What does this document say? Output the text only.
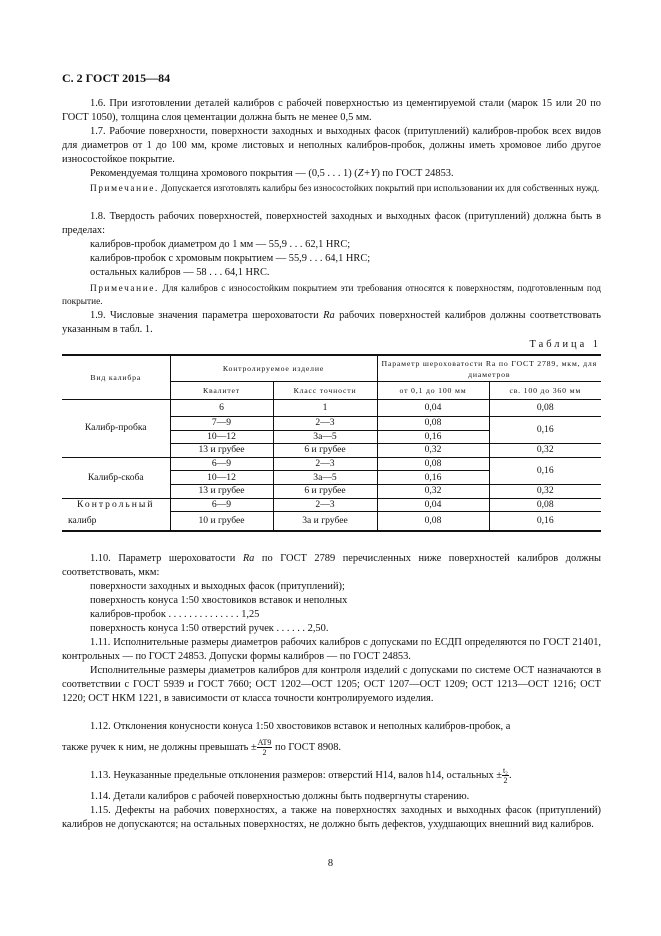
С. 2 ГОСТ 2015—84

1.6. При изготовлении деталей калибров с рабочей поверхностью из цементируемой стали (марок 15 или 20 по ГОСТ 1050), толщина слоя цементации должна быть не менее 0,5 мм.

1.7. Рабочие поверхности, поверхности заходных и выходных фасок (притуплений) калибров-пробок всех видов для диаметров от 1 до 100 мм, кроме листовых и неполных калибров-пробок, должны иметь хромовое либо другое износостойкое покрытие.

Рекомендуемая толщина хромового покрытия — (0,5 . . . 1) (Z+Y) по ГОСТ 24853.

Примечание. Допускается изготовлять калибры без износостойких покрытий при использовании их для собственных нужд.

1.8. Твердость рабочих поверхностей, поверхностей заходных и выходных фасок (притуплений) должна быть в пределах:

калибров-пробок диаметром до 1 мм — 55,9 . . . 62,1 HRC;
калибров-пробок с хромовым покрытием — 55,9 . . . 64,1 HRC;
остальных калибров — 58 . . . 64,1 HRC.

Примечание. Для калибров с износостойким покрытием эти требования относятся к поверхностям, подготовленным под покрытие.

1.9. Числовые значения параметра шероховатости Ra рабочих поверхностей калибров должны соответствовать указанным в табл. 1.

Таблица 1
Вид калибра	Контролируемое изделие		Параметр шероховатости Ra по ГОСТ 2789, мкм, для диаметров	
	Квалитет	Класс точности	от 0,1 до 100 мм	св. 100 до 360 мм
Калибр-пробка	6	1	0,04	0,08
	7—9	2—3	0,08	0,16
	10—12	3а—5	0,16	
	13 и грубее	6 и грубее	0,32	0,32
Калибр-скоба	6—9	2—3	0,08	0,16
	10—12	3а—5	0,16	
	13 и грубее	6 и грубее	0,32	0,32
Контрольный	6—9	2—3	0,04	0,08
калибр	10 и грубее	3а и грубее	0,08	0,16

1.10. Параметр шероховатости Ra по ГОСТ 2789 перечисленных ниже поверхностей калибров должны соответствовать, мкм:

поверхности заходных и выходных фасок (притуплений);
поверхность конуса 1:50 хвостовиков вставок и неполных
калибров-пробок . . . . . . . . . . . . . . 1,25
поверхность конуса 1:50 отверстий ручек . . . . . . 2,50.

1.11. Исполнительные размеры диаметров рабочих калибров с допусками по ЕСДП определяются по ГОСТ 21401, контрольных — по ГОСТ 24853. Допуски формы калибров — по ГОСТ 24853.

Исполнительные размеры диаметров калибров для контроля изделий с допусками по системе ОСТ назначаются в соответствии с ГОСТ 5939 и ГОСТ 7660; ОСТ 1202—ОСТ 1205; ОСТ 1207—ОСТ 1209; ОСТ 1213—ОСТ 1216; ОСТ 1220; ОСТ НКМ 1221, в зависимости от класса точности контролируемого изделия.

1.12. Отклонения конусности конуса 1:50 хвостовиков вставок и неполных калибров-пробок, а

также ручек к ним, не должны превышать ± $\frac{AT9}{2}$ по ГОСТ 8908.
1.13. Неуказанные предельные отклонения размеров: отверстий Н14, валов h14, остальных ± $\frac{\text{t₂}}{2}$ .

1.14. Детали калибров с рабочей поверхностью должны быть подвергнуты старению.

1.15. Дефекты на рабочих поверхностях, а также на поверхностях заходных и выходных фасок (притуплений) калибров не допускаются; на остальных поверхностях, не должно быть дефектов, ухудшающих внешний вид калибров.

8
